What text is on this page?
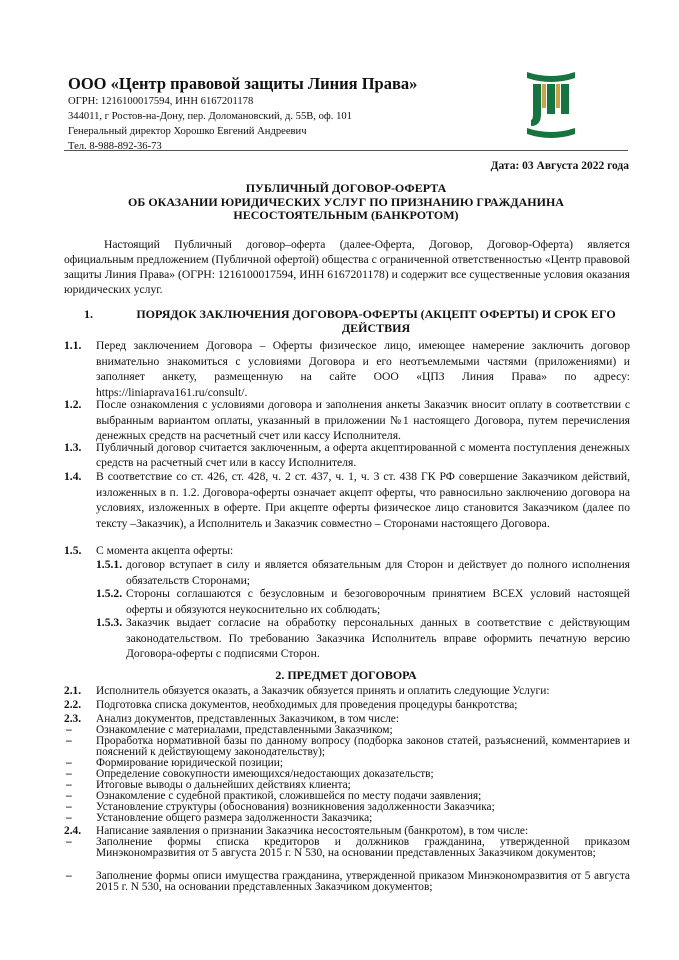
ООО «Центр правовой защиты Линия Права»
ОГРН: 1216100017594, ИНН 6167201178
344011, г Ростов-на-Дону, пер. Доломановский, д. 55В, оф. 101
Генеральный директор Хорошко Евгений Андреевич
Тел. 8-988-892-36-73
Дата: 03 Августа 2022 года
ПУБЛИЧНЫЙ ДОГОВОР-ОФЕРТА
ОБ ОКАЗАНИИ ЮРИДИЧЕСКИХ УСЛУГ ПО ПРИЗНАНИЮ ГРАЖДАНИНА
НЕСОСТОЯТЕЛЬНЫМ (БАНКРОТОМ)
Настоящий Публичный договор–оферта (далее-Оферта, Договор, Договор-Оферта) является официальным предложением (Публичной офертой) общества с ограниченной ответственностью «Центр правовой защиты Линия Права» (ОГРН: 1216100017594, ИНН 6167201178) и содержит все существенные условия оказания юридических услуг.
1.	ПОРЯДОК ЗАКЛЮЧЕНИЯ ДОГОВОРА-ОФЕРТЫ (АКЦЕПТ ОФЕРТЫ) И СРОК ЕГО ДЕЙСТВИЯ
1.1. Перед заключением Договора – Оферты физическое лицо, имеющее намерение заключить договор внимательно знакомиться с условиями Договора и его неотъемлемыми частями (приложениями) и заполняет анкету, размещенную на сайте ООО «ЦПЗ Линия Права» по адресу: https://liniaprava161.ru/consult/.
1.2. После ознакомления с условиями договора и заполнения анкеты Заказчик вносит оплату в соответствии с выбранным вариантом оплаты, указанный в приложении №1 настоящего Договора, путем перечисления денежных средств на расчетный счет или кассу Исполнителя.
1.3. Публичный договор считается заключенным, а оферта акцептированной с момента поступления денежных средств на расчетный счет или в кассу Исполнителя.
1.4. В соответствие со ст. 426, ст. 428, ч. 2 ст. 437, ч. 1, ч. 3 ст. 438 ГК РФ совершение Заказчиком действий, изложенных в п. 1.2. Договора-оферты означает акцепт оферты, что равносильно заключению договора на условиях, изложенных в оферте. При акцепте оферты физическое лицо становится Заказчиком (далее по тексту –Заказчик), а Исполнитель и Заказчик совместно – Сторонами настоящего Договора.
1.5. С момента акцепта оферты:
1.5.1. договор вступает в силу и является обязательным для Сторон и действует до полного исполнения обязательств Сторонами;
1.5.2. Стороны соглашаются с безусловным и безоговорочным принятием ВСЕХ условий настоящей оферты и обязуются неукоснительно их соблюдать;
1.5.3. Заказчик выдает согласие на обработку персональных данных в соответствие с действующим законодательством. По требованию Заказчика Исполнитель вправе оформить печатную версию Договора-оферты с подписями Сторон.
2. ПРЕДМЕТ ДОГОВОРА
2.1. Исполнитель обязуется оказать, а Заказчик обязуется принять и оплатить следующие Услуги:
2.2. Подготовка списка документов, необходимых для проведения процедуры банкротства;
2.3. Анализ документов, представленных Заказчиком, в том числе:
– Ознакомление с материалами, представленными Заказчиком;
– Проработка нормативной базы по данному вопросу (подборка законов статей, разъяснений, комментариев и пояснений к действующему законодательству);
– Формирование юридической позиции;
– Определение совокупности имеющихся/недостающих доказательств;
– Итоговые выводы о дальнейших действиях клиента;
– Ознакомление с судебной практикой, сложившейся по месту подачи заявления;
– Установление структуры (обоснования) возникновения задолженности Заказчика;
– Установление общего размера задолженности Заказчика;
2.4. Написание заявления о признании Заказчика несостоятельным (банкротом), в том числе:
– Заполнение формы списка кредиторов и должников гражданина, утвержденной приказом Минэкономразвития от 5 августа 2015 г. N 530, на основании представленных Заказчиком документов;
– Заполнение формы описи имущества гражданина, утвержденной приказом Минэкономразвития от 5 августа 2015 г. N 530, на основании представленных Заказчиком документов;
